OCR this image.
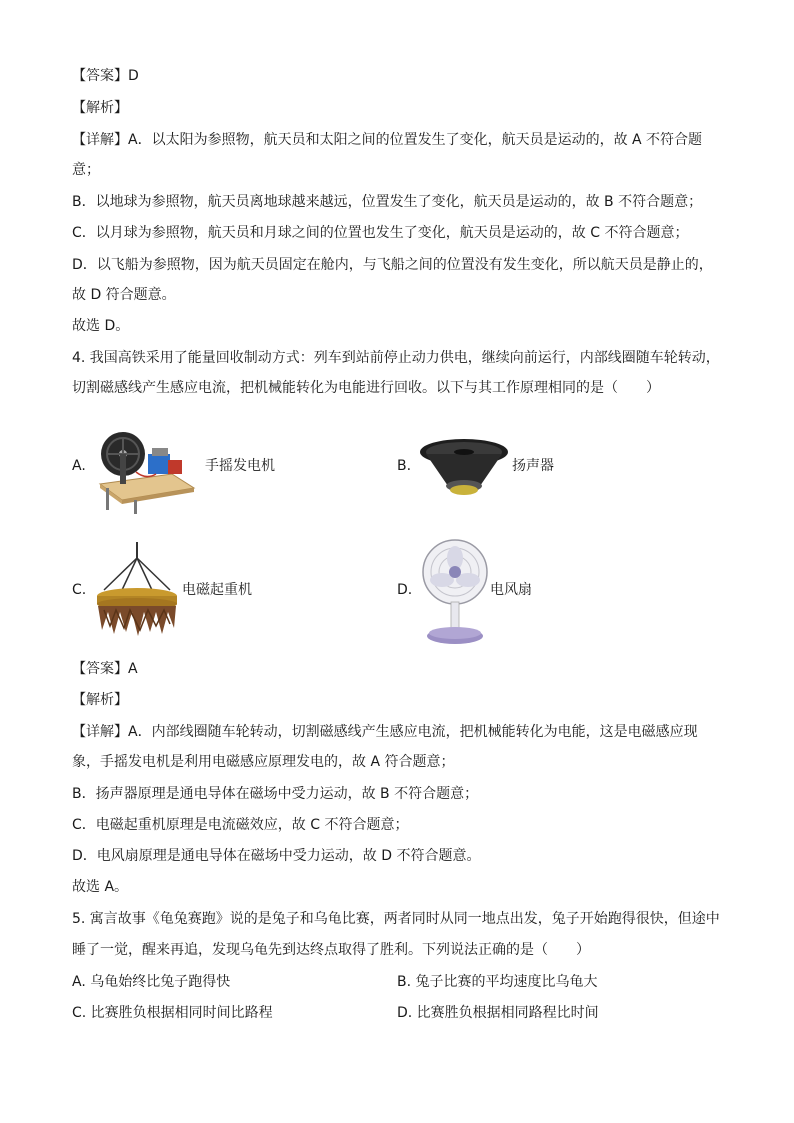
【答案】D
【解析】
【详解】A．以太阳为参照物，航天员和太阳之间的位置发生了变化，航天员是运动的，故 A 不符合题
意；
B．以地球为参照物，航天员离地球越来越远，位置发生了变化，航天员是运动的，故 B 不符合题意；
C．以月球为参照物，航天员和月球之间的位置也发生了变化，航天员是运动的，故 C 不符合题意；
D．以飞船为参照物，因为航天员固定在舱内，与飞船之间的位置没有发生变化，所以航天员是静止的，
故 D 符合题意。
故选 D。
4. 我国高铁采用了能量回收制动方式：列车到站前停止动力供电，继续向前运行，内部线圈随车轮转动，
切割磁感线产生感应电流，把机械能转化为电能进行回收。以下与其工作原理相同的是（　　）
A.	手摇发电机	B.	扬声器
C.	电磁起重机	D.	电风扇
【答案】A
【解析】
【详解】A．内部线圈随车轮转动，切割磁感线产生感应电流，把机械能转化为电能，这是电磁感应现
象，手摇发电机是利用电磁感应原理发电的，故 A 符合题意；
B．扬声器原理是通电导体在磁场中受力运动，故 B 不符合题意；
C．电磁起重机原理是电流磁效应，故 C 不符合题意；
D．电风扇原理是通电导体在磁场中受力运动，故 D 不符合题意。
故选 A。
5. 寓言故事《龟兔赛跑》说的是兔子和乌龟比赛，两者同时从同一地点出发，兔子开始跑得很快，但途中
睡了一觉，醒来再追，发现乌龟先到达终点取得了胜利。下列说法正确的是（　　）
A. 乌龟始终比兔子跑得快	B. 兔子比赛的平均速度比乌龟大
C. 比赛胜负根据相同时间比路程	D. 比赛胜负根据相同路程比时间
